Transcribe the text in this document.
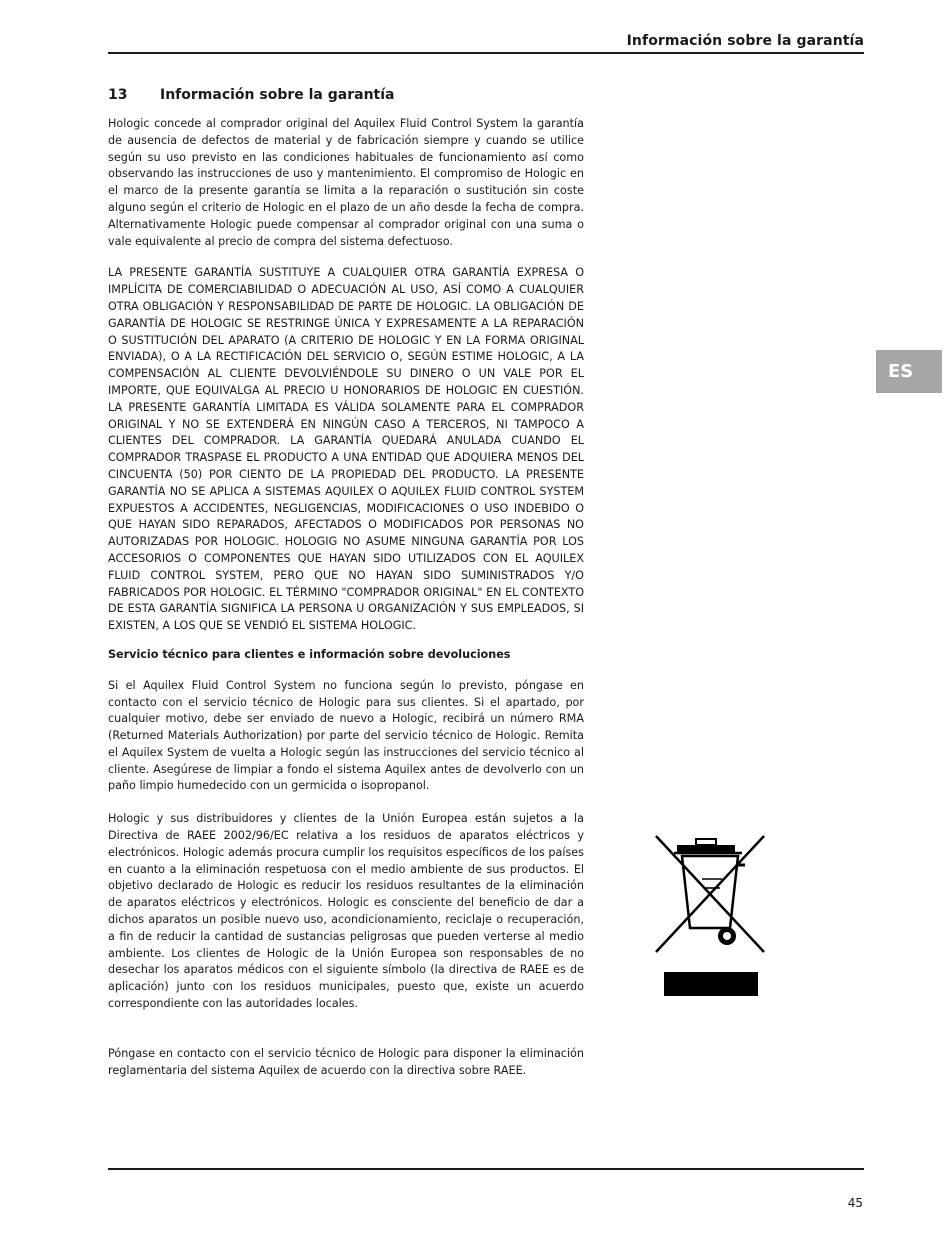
Información sobre la garantía
13	Información sobre la garantía

Hologic concede al comprador original del Aquilex Fluid Control System la garantía de ausencia de defectos de material y de fabricación siempre y cuando se utilice según su uso previsto en las condiciones habituales de funcionamiento así como observando las instrucciones de uso y mantenimiento. El compromiso de Hologic en el marco de la presente garantía se limita a la reparación o sustitución sin coste alguno según el criterio de Hologic en el plazo de un año desde la fecha de compra. Alternativamente Hologic puede compensar al comprador original con una suma o vale equivalente al precio de compra del sistema defectuoso.

LA PRESENTE GARANTÍA SUSTITUYE A CUALQUIER OTRA GARANTÍA EXPRESA O IMPLÍCITA DE COMERCIABILIDAD O ADECUACIÓN AL USO, ASÍ COMO A CUALQUIER OTRA OBLIGACIÓN Y RESPONSABILIDAD DE PARTE DE HOLOGIC. LA OBLIGACIÓN DE GARANTÍA DE HOLOGIC SE RESTRINGE ÚNICA Y EXPRESAMENTE A LA REPARACIÓN O SUSTITUCIÓN DEL APARATO (A CRITERIO DE HOLOGIC Y EN LA FORMA ORIGINAL ENVIADA), O A LA RECTIFICACIÓN DEL SERVICIO O, SEGÚN ESTIME HOLOGIC, A LA COMPENSACIÓN AL CLIENTE DEVOLVIÉNDOLE SU DINERO O UN VALE POR EL IMPORTE, QUE EQUIVALGA AL PRECIO U HONORARIOS DE HOLOGIC EN CUESTIÓN. LA PRESENTE GARANTÍA LIMITADA ES VÁLIDA SOLAMENTE PARA EL COMPRADOR ORIGINAL Y NO SE EXTENDERÁ EN NINGÚN CASO A TERCEROS, NI TAMPOCO A CLIENTES DEL COMPRADOR. LA GARANTÍA QUEDARÁ ANULADA CUANDO EL COMPRADOR TRASPASE EL PRODUCTO A UNA ENTIDAD QUE ADQUIERA MENOS DEL CINCUENTA (50) POR CIENTO DE LA PROPIEDAD DEL PRODUCTO. LA PRESENTE GARANTÍA NO SE APLICA A SISTEMAS AQUILEX O AQUILEX FLUID CONTROL SYSTEM EXPUESTOS A ACCIDENTES, NEGLIGENCIAS, MODIFICACIONES O USO INDEBIDO O QUE HAYAN SIDO REPARADOS, AFECTADOS O MODIFICADOS POR PERSONAS NO AUTORIZADAS POR HOLOGIC. HOLOGIG NO ASUME NINGUNA GARANTÍA POR LOS ACCESORIOS O COMPONENTES QUE HAYAN SIDO UTILIZADOS CON EL AQUILEX FLUID CONTROL SYSTEM, PERO QUE NO HAYAN SIDO SUMINISTRADOS Y/O FABRICADOS POR HOLOGIC. EL TÉRMINO "COMPRADOR ORIGINAL" EN EL CONTEXTO DE ESTA GARANTÍA SIGNIFICA LA PERSONA U ORGANIZACIÓN Y SUS EMPLEADOS, SI EXISTEN, A LOS QUE SE VENDIÓ EL SISTEMA HOLOGIC.

Servicio técnico para clientes e información sobre devoluciones

Si el Aquilex Fluid Control System no funciona según lo previsto, póngase en contacto con el servicio técnico de Hologic para sus clientes. Si el apartado, por cualquier motivo, debe ser enviado de nuevo a Hologic, recibirá un número RMA (Returned Materials Authorization) por parte del servicio técnico de Hologic. Remita el Aquilex System de vuelta a Hologic según las instrucciones del servicio técnico al cliente. Asegúrese de limpiar a fondo el sistema Aquilex antes de devolverlo con un paño limpio humedecido con un germicida o isopropanol.

Hologic y sus distribuidores y clientes de la Unión Europea están sujetos a la Directiva de RAEE 2002/96/EC relativa a los residuos de aparatos eléctricos y electrónicos. Hologic además procura cumplir los requisitos específicos de los países en cuanto a la eliminación respetuosa con el medio ambiente de sus productos. El objetivo declarado de Hologic es reducir los residuos resultantes de la eliminación de aparatos eléctricos y electrónicos. Hologic es consciente del beneficio de dar a dichos aparatos un posible nuevo uso, acondicionamiento, reciclaje o recuperación, a fin de reducir la cantidad de sustancias peligrosas que pueden verterse al medio ambiente. Los clientes de Hologic de la Unión Europea son responsables de no desechar los aparatos médicos con el siguiente símbolo (la directiva de RAEE es de aplicación) junto con los residuos municipales, puesto que, existe un acuerdo correspondiente con las autoridades locales.

Póngase en contacto con el servicio técnico de Hologic para disponer la eliminación reglamentaria del sistema Aquilex de acuerdo con la directiva sobre RAEE.

ES
45
